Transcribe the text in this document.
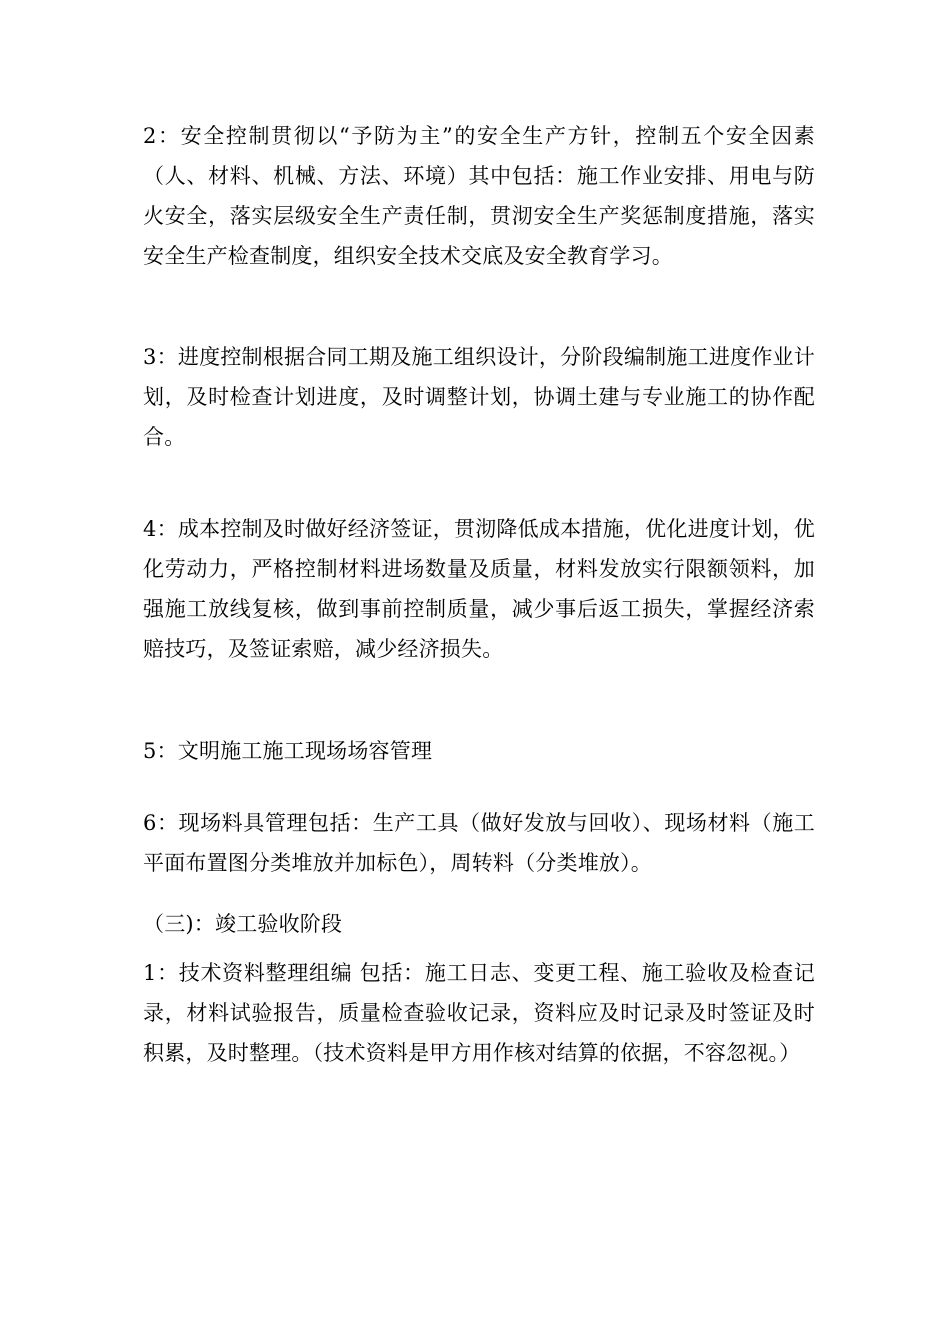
2：安全控制贯彻以“予防为主”的安全生产方针，控制五个安全因素（人、材料、机械、方法、环境）其中包括：施工作业安排、用电与防火安全，落实层级安全生产责任制，贯沏安全生产奖惩制度措施，落实安全生产检查制度，组织安全技术交底及安全教育学习。

3：进度控制根据合同工期及施工组织设计，分阶段编制施工进度作业计划，及时检查计划进度，及时调整计划，协调土建与专业施工的协作配合。

4：成本控制及时做好经济签证，贯沏降低成本措施，优化进度计划，优化劳动力，严格控制材料进场数量及质量，材料发放实行限额领料，加强施工放线复核，做到事前控制质量，减少事后返工损失，掌握经济索赔技巧，及签证索赔，减少经济损失。

5：文明施工施工现场场容管理

6：现场料具管理包括：生产工具（做好发放与回收）、现场材料（施工平面布置图分类堆放并加标色），周转料（分类堆放）。

（三)：竣工验收阶段

1：技术资料整理组编 包括：施工日志、变更工程、施工验收及检查记录，材料试验报告，质量检查验收记录，资料应及时记录及时签证及时积累，及时整理。（技术资料是甲方用作核对结算的依据，不容忽视。）
